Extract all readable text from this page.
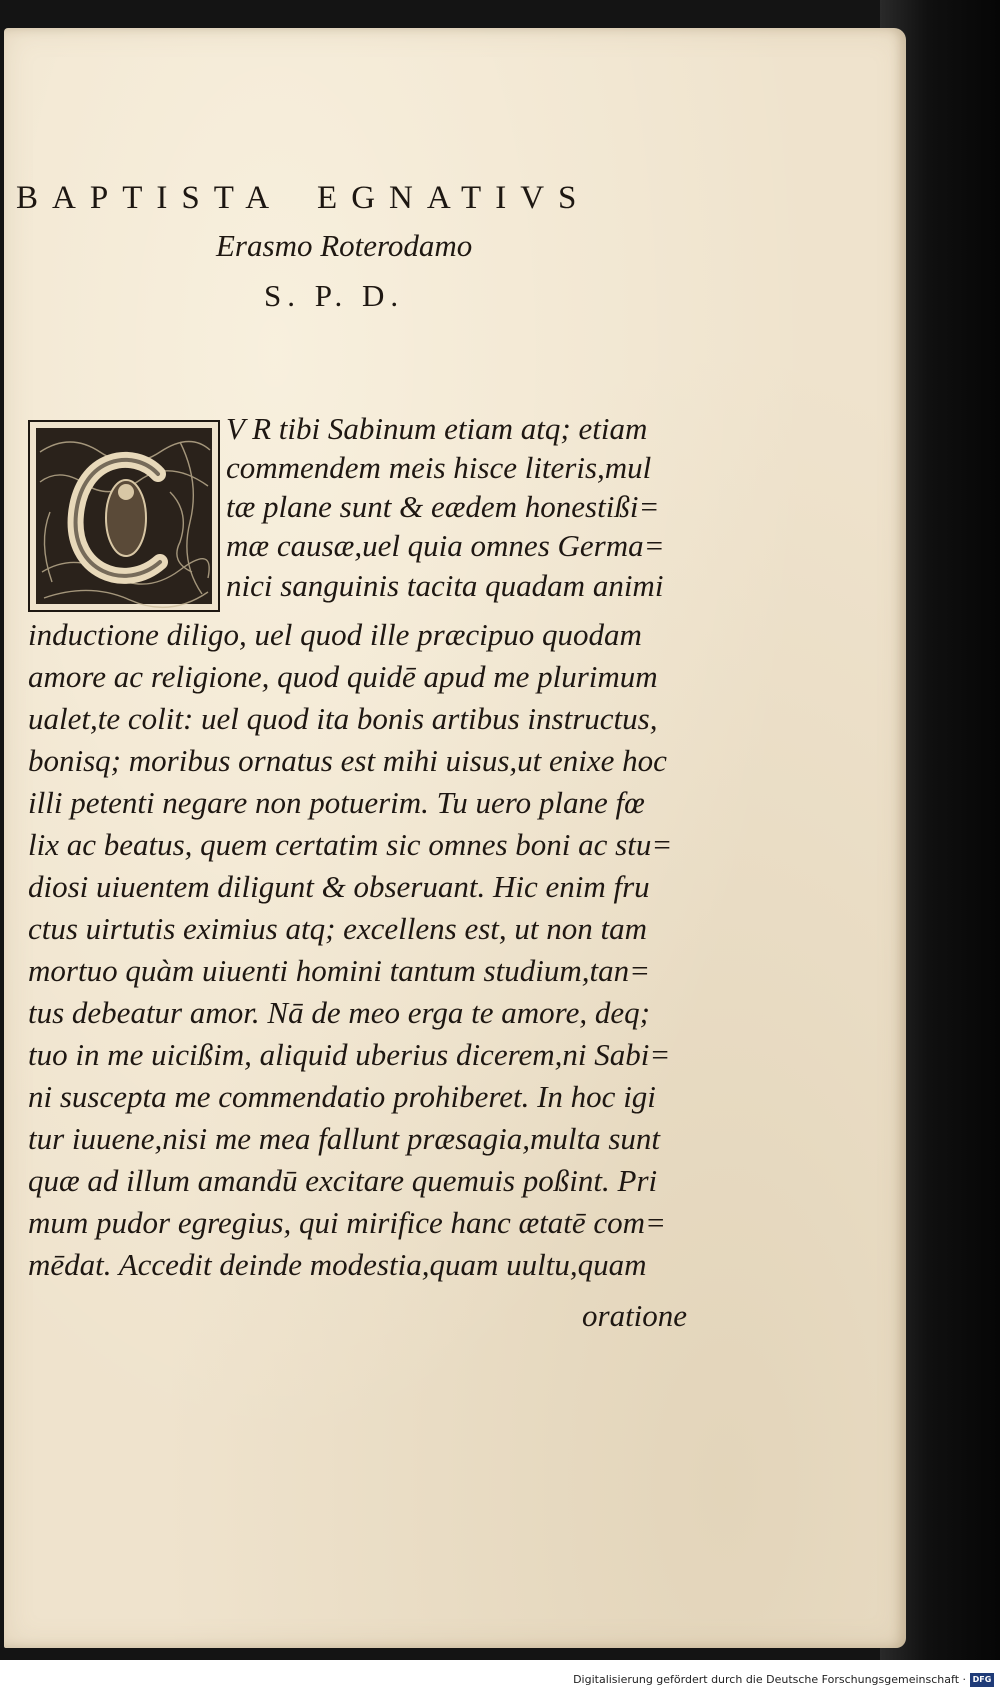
BAPTISTA EGNATIVS
Erasmo Roterodamo
S. P. D.
V R tibi Sabinum etiam atq; etiam
commendem meis hisce literis,mul
tæ plane sunt & eædem honestißi=
mæ causæ,uel quia omnes Germa=
nici sanguinis tacita quadam animi
inductione diligo, uel quod ille præcipuo quodam
amore ac religione, quod quidē apud me plurimum
ualet,te colit: uel quod ita bonis artibus instructus,
bonisq; moribus ornatus est mihi uisus,ut enixe hoc
illi petenti negare non potuerim. Tu uero plane fœ
lix ac beatus, quem certatim sic omnes boni ac stu=
diosi uiuentem diligunt & obseruant. Hic enim fru
ctus uirtutis eximius atq; excellens est, ut non tam
mortuo quàm uiuenti homini tantum studium,tan=
tus debeatur amor. Nā de meo erga te amore, deq;
tuo in me uicißim, aliquid uberius dicerem,ni Sabi=
ni suscepta me commendatio prohiberet. In hoc igi
tur iuuene,nisi me mea fallunt præsagia,multa sunt
quæ ad illum amandū excitare quemuis poßint. Pri
mum pudor egregius, qui mirifice hanc ætatē com=
mēdat. Accedit deinde modestia,quam uultu,quam
oratione
Digitalisierung gefördert durch die Deutsche Forschungsgemeinschaft · DFG
